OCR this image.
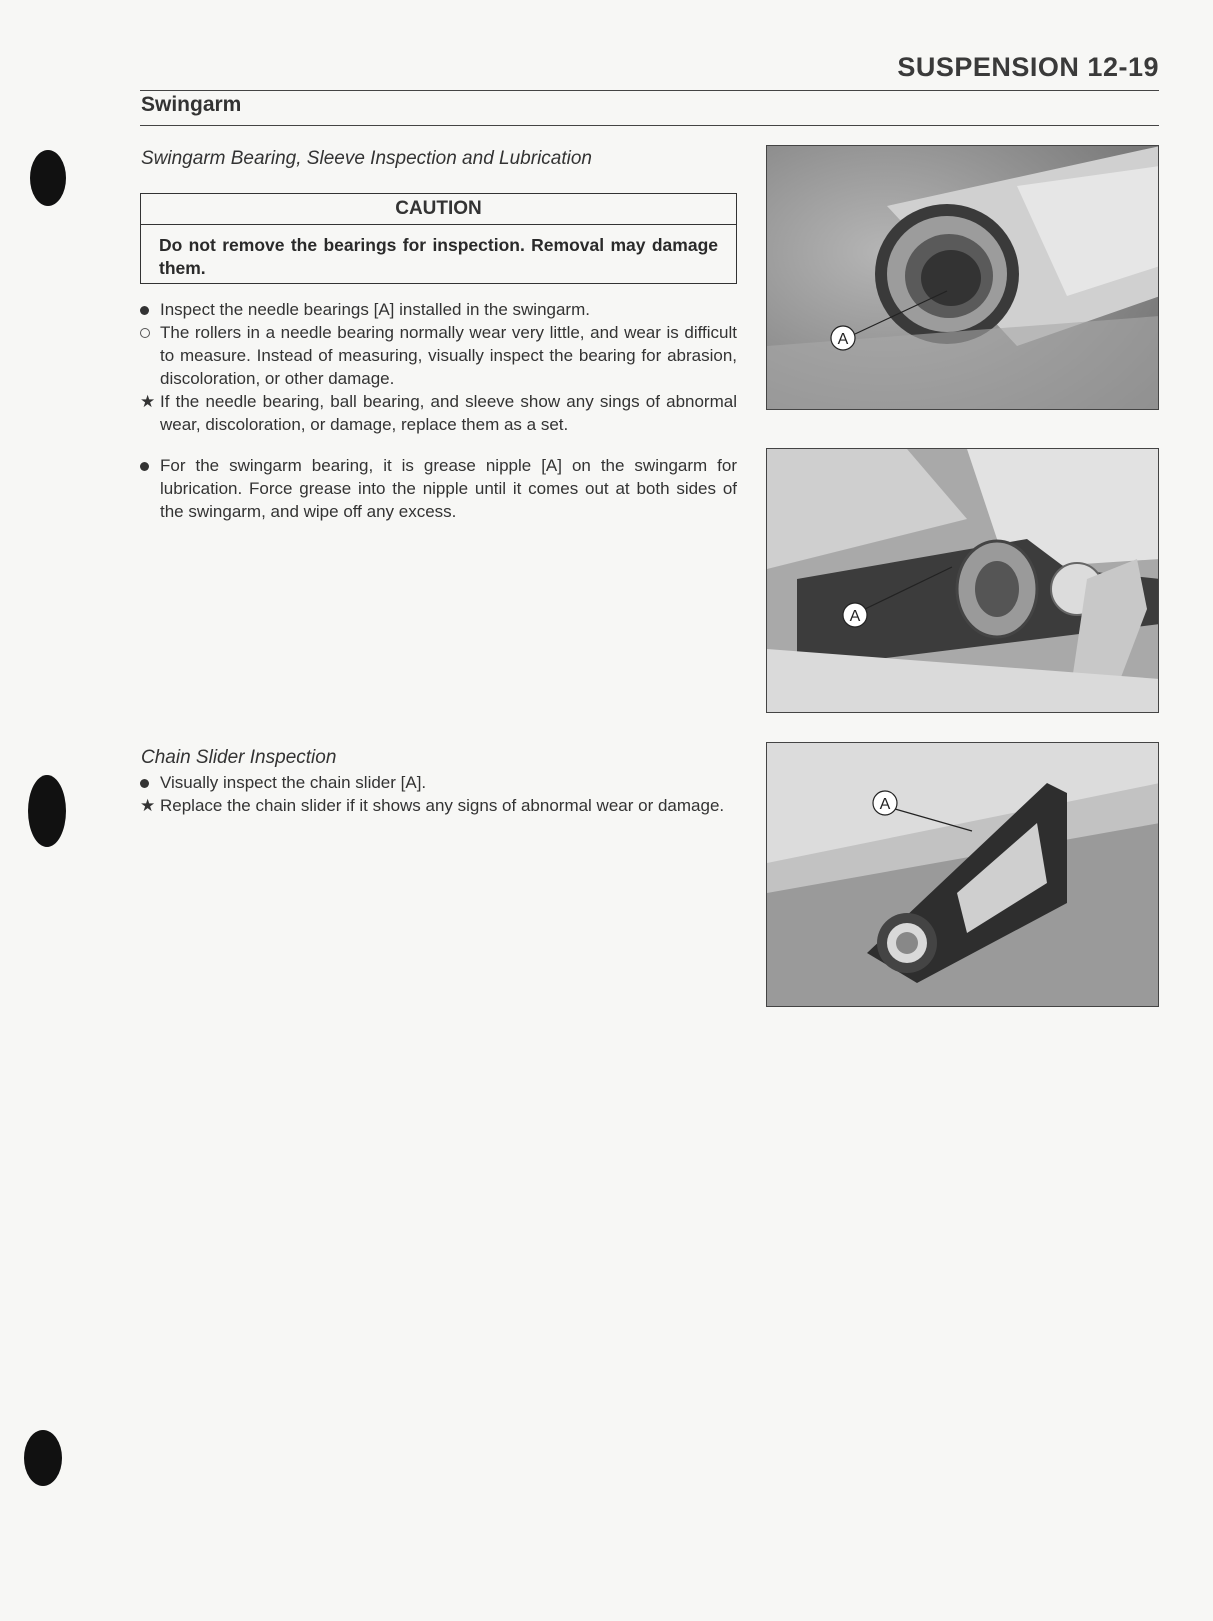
SUSPENSION 12-19
Swingarm
Swingarm Bearing, Sleeve Inspection and Lubrication
CAUTION
Do not remove the bearings for inspection. Removal may damage them.
Inspect the needle bearings [A] installed in the swingarm.
The rollers in a needle bearing normally wear very little, and wear is difficult to measure. Instead of measuring, visually inspect the bearing for abrasion, discoloration, or other damage.
★ If the needle bearing, ball bearing, and sleeve show any sings of abnormal wear, discoloration, or damage, replace them as a set.
For the swingarm bearing, it is grease nipple [A] on the swingarm for lubrication. Force grease into the nipple until it comes out at both sides of the swingarm, and wipe off any excess.
Chain Slider Inspection
Visually inspect the chain slider [A].
★ Replace the chain slider if it shows any signs of abnormal wear or damage.
A
A
A
